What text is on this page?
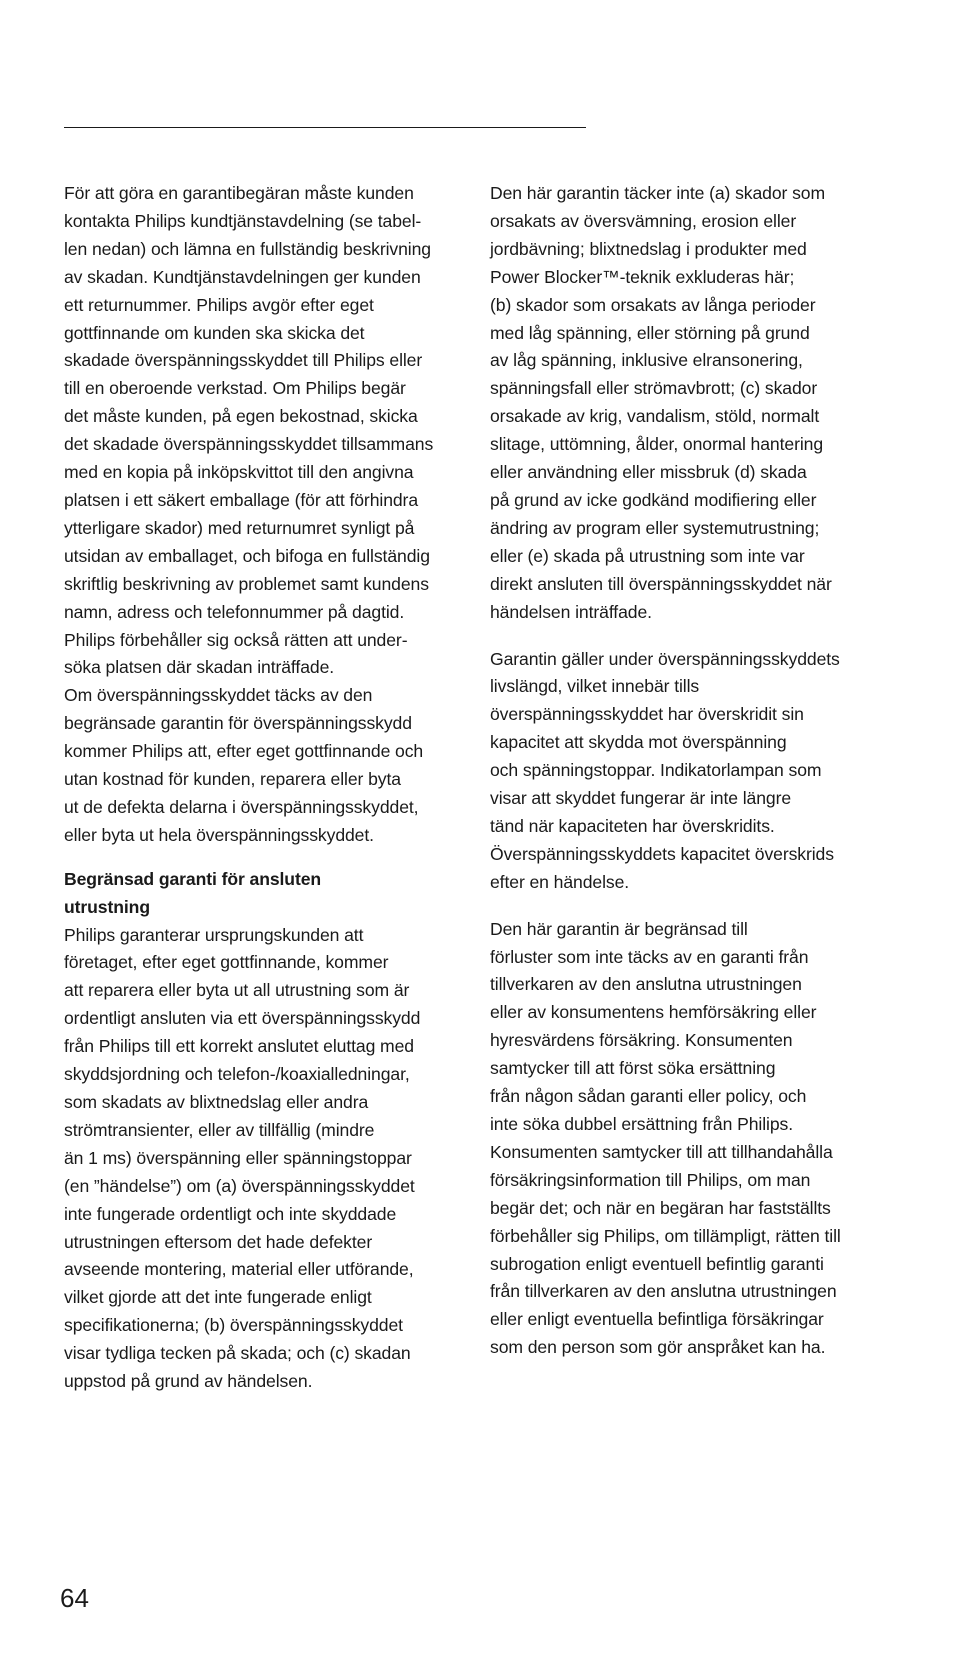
För att göra en garantibegäran måste kunden
kontakta Philips kundtjänstavdelning (se tabel-
len nedan) och lämna en fullständig beskrivning
av skadan. Kundtjänstavdelningen ger kunden
ett returnummer. Philips avgör efter eget
gottfinnande om kunden ska skicka det
skadade överspänningsskyddet till Philips eller
till en oberoende verkstad. Om Philips begär
det måste kunden, på egen bekostnad, skicka
det skadade överspänningsskyddet tillsammans
med en kopia på inköpskvittot till den angivna
platsen i ett säkert emballage (för att förhindra
ytterligare skador) med returnumret synligt på
utsidan av emballaget, och bifoga en fullständig
skriftlig beskrivning av problemet samt kundens
namn, adress och telefonnummer på dagtid.
Philips förbehåller sig också rätten att under-
söka platsen där skadan inträffade.

Om överspänningsskyddet täcks av den
begränsade garantin för överspänningsskydd
kommer Philips att, efter eget gottfinnande och
utan kostnad för kunden, reparera eller byta
ut de defekta delarna i överspänningsskyddet,
eller byta ut hela överspänningsskyddet.

Begränsad garanti för ansluten
utrustning

Philips garanterar ursprungskunden att
företaget, efter eget gottfinnande, kommer
att reparera eller byta ut all utrustning som är
ordentligt ansluten via ett överspänningsskydd
från Philips till ett korrekt anslutet eluttag med
skyddsjordning och telefon-/koaxialledningar,
som skadats av blixtnedslag eller andra
strömtransienter, eller av tillfällig (mindre
än 1 ms) överspänning eller spänningstoppar
(en ”händelse”) om (a) överspänningsskyddet
inte fungerade ordentligt och inte skyddade
utrustningen eftersom det hade defekter
avseende montering, material eller utförande,
vilket gjorde att det inte fungerade enligt
specifikationerna; (b) överspänningsskyddet
visar tydliga tecken på skada; och (c) skadan
uppstod på grund av händelsen.

Den här garantin täcker inte (a) skador som
orsakats av översvämning, erosion eller
jordbävning; blixtnedslag i produkter med
Power Blocker™-teknik exkluderas här;
(b) skador som orsakats av långa perioder
med låg spänning, eller störning på grund
av låg spänning, inklusive elransonering,
spänningsfall eller strömavbrott; (c) skador
orsakade av krig, vandalism, stöld, normalt
slitage, uttömning, ålder, onormal hantering
eller användning eller missbruk (d) skada
på grund av icke godkänd modifiering eller
ändring av program eller systemutrustning;
eller (e) skada på utrustning som inte var
direkt ansluten till överspänningsskyddet när
händelsen inträffade.

Garantin gäller under överspänningsskyddets
livslängd, vilket innebär tills
överspänningsskyddet har överskridit sin
kapacitet att skydda mot överspänning
och spänningstoppar. Indikatorlampan som
visar att skyddet fungerar är inte längre
tänd när kapaciteten har överskridits.
Överspänningsskyddets kapacitet överskrids
efter en händelse.

Den här garantin är begränsad till
förluster som inte täcks av en garanti från
tillverkaren av den anslutna utrustningen
eller av konsumentens hemförsäkring eller
hyresvärdens försäkring. Konsumenten
samtycker till att först söka ersättning
från någon sådan garanti eller policy, och
inte söka dubbel ersättning från Philips.
Konsumenten samtycker till att tillhandahålla
försäkringsinformation till Philips, om man
begär det; och när en begäran har fastställts
förbehåller sig Philips, om tillämpligt, rätten till
subrogation enligt eventuell befintlig garanti
från tillverkaren av den anslutna utrustningen
eller enligt eventuella befintliga försäkringar
som den person som gör anspråket kan ha.

64
